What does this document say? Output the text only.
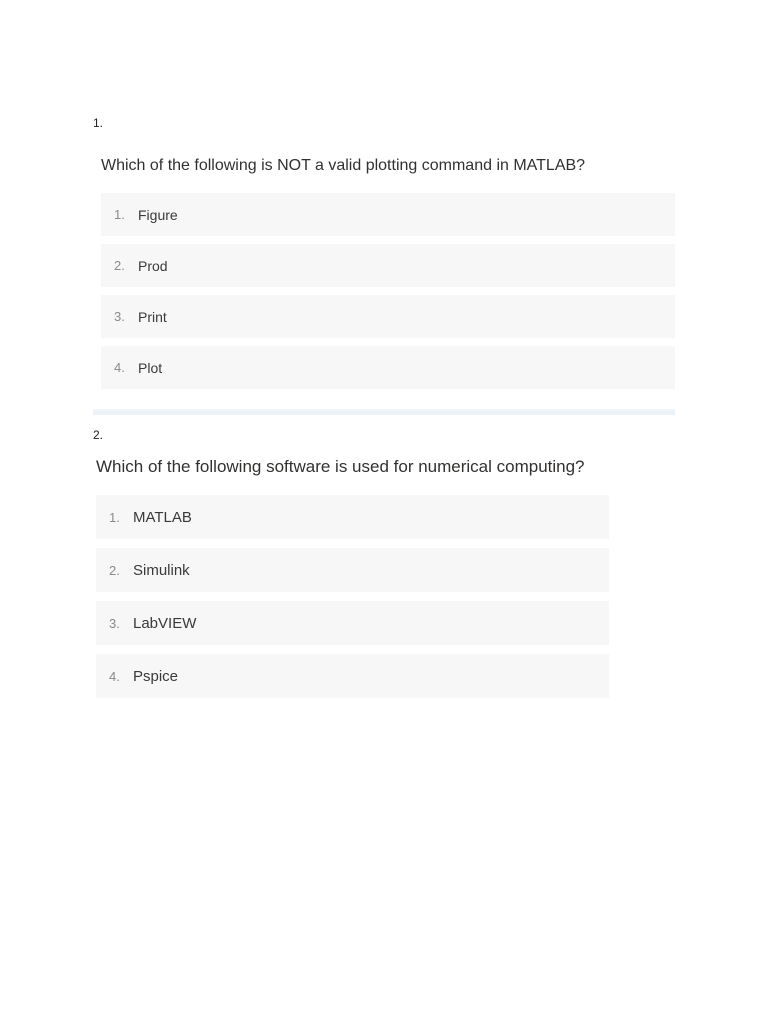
1.
Which of the following is NOT a valid plotting command in MATLAB?
1. Figure
2. Prod
3. Print
4. Plot
2.
Which of the following software is used for numerical computing?
1. MATLAB
2. Simulink
3. LabVIEW
4. Pspice
